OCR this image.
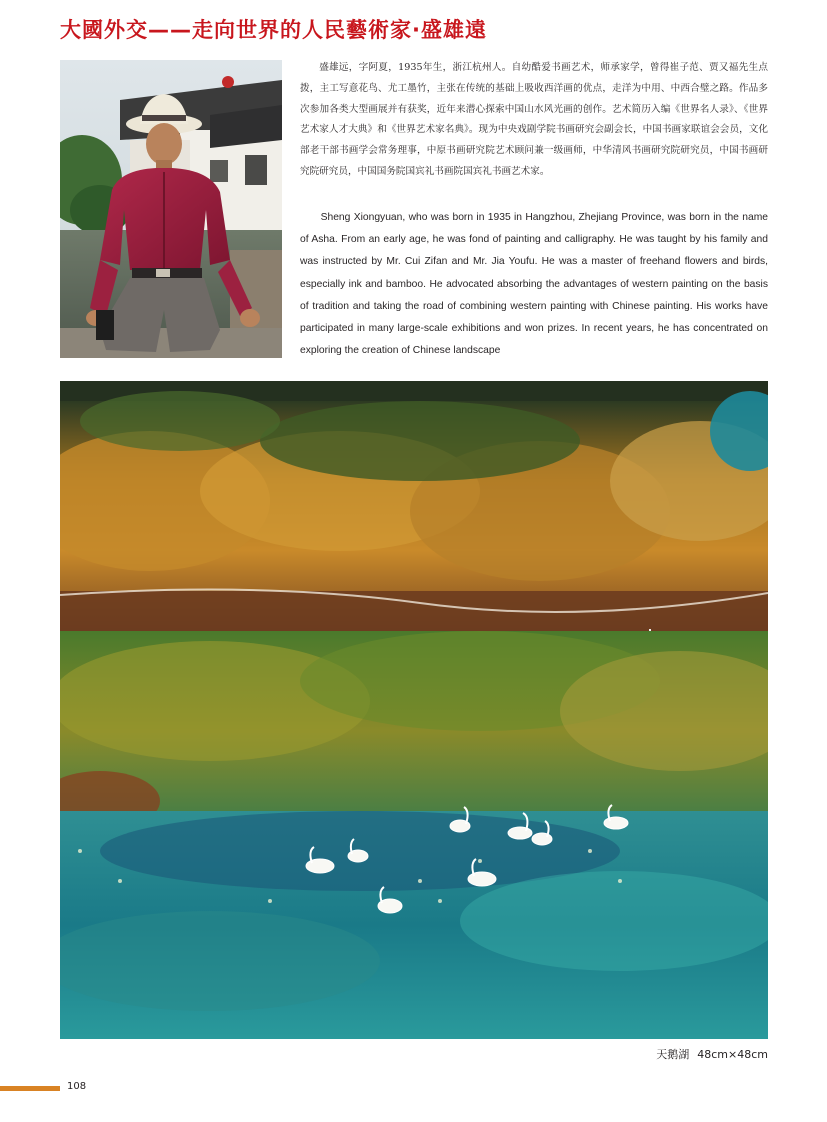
大國外交——走向世界的人民藝術家·盛雄遠
盛雄远，字阿夏，1935年生，浙江杭州人。自幼酷爱书画艺术，师承家学，曾得崔子范、贾又福先生点拨，主工写意花鸟、尤工墨竹，主张在传统的基础上吸收西洋画的优点，走洋为中用、中西合璧之路。作品多次参加各类大型画展并有获奖，近年来潜心探索中国山水风光画的创作。艺术简历入编《世界名人录》、《世界艺术家人才大典》和《世界艺术家名典》。现为中央戏剧学院书画研究会副会长，中国书画家联谊会会员，文化部老干部书画学会常务理事，中原书画研究院艺术顾问兼一级画师，中华清风书画研究院研究员，中国书画研究院研究员，中国国务院国宾礼书画院国宾礼书画艺术家。
Sheng Xiongyuan, who was born in 1935 in Hangzhou, Zhejiang Province, was born in the name of Asha. From an early age, he was fond of painting and calligraphy. He was taught by his family and was instructed by Mr. Cui Zifan and Mr. Jia Youfu. He was a master of freehand flowers and birds, especially ink and bamboo. He advocated absorbing the advantages of western painting on the basis of tradition and taking the road of combining western painting with Chinese painting. His works have participated in many large-scale exhibitions and won prizes. In recent years, he has concentrated on exploring the creation of Chinese landscape
天鹅湖 48cm×48cm
108
